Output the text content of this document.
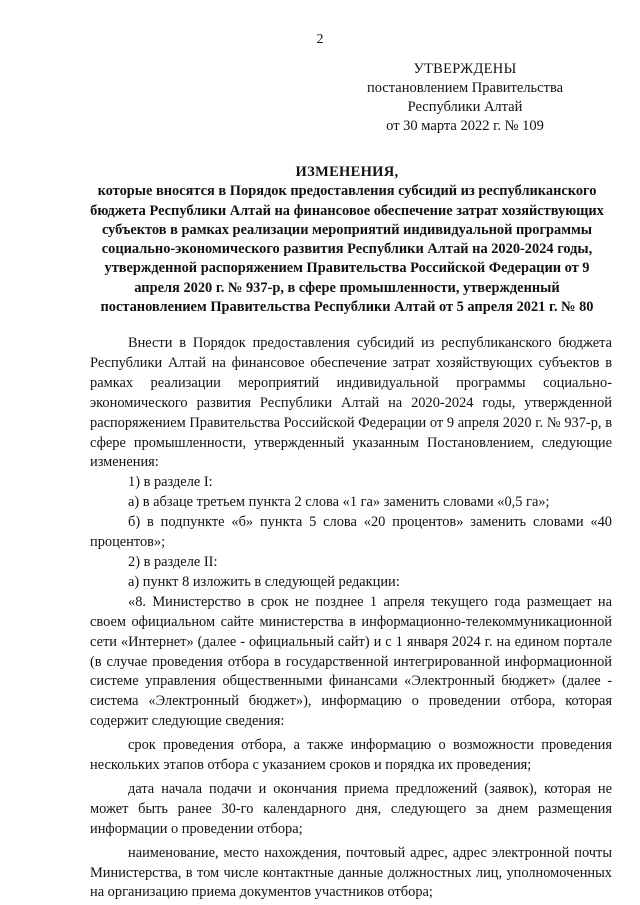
2
УТВЕРЖДЕНЫ
постановлением Правительства
Республики Алтай
от 30 марта 2022 г. № 109
ИЗМЕНЕНИЯ,
которые вносятся в Порядок предоставления субсидий из республиканского бюджета Республики Алтай на финансовое обеспечение затрат хозяйствующих субъектов в рамках реализации мероприятий индивидуальной программы социально-экономического развития Республики Алтай на 2020-2024 годы, утвержденной распоряжением Правительства Российской Федерации от 9 апреля 2020 г. № 937-р, в сфере промышленности, утвержденный постановлением Правительства Республики Алтай от 5 апреля 2021 г. № 80

Внести в Порядок предоставления субсидий из республиканского бюджета Республики Алтай на финансовое обеспечение затрат хозяйствующих субъектов в рамках реализации мероприятий индивидуальной программы социально-экономического развития Республики Алтай на 2020-2024 годы, утвержденной распоряжением Правительства Российской Федерации от 9 апреля 2020 г. № 937-р, в сфере промышленности, утвержденный указанным Постановлением, следующие изменения:

1) в разделе I:

а) в абзаце третьем пункта 2 слова «1 га» заменить словами «0,5 га»;

б) в подпункте «б» пункта 5 слова «20 процентов» заменить словами «40 процентов»;

2) в разделе II:

а) пункт 8 изложить в следующей редакции:

«8. Министерство в срок не позднее 1 апреля текущего года размещает на своем официальном сайте министерства в информационно-телекоммуникационной сети «Интернет» (далее - официальный сайт) и с 1 января 2024 г. на едином портале (в случае проведения отбора в государственной интегрированной информационной системе управления общественными финансами «Электронный бюджет» (далее - система «Электронный бюджет»), информацию о проведении отбора, которая содержит следующие сведения:

срок проведения отбора, а также информацию о возможности проведения нескольких этапов отбора с указанием сроков и порядка их проведения;

дата начала подачи и окончания приема предложений (заявок), которая не может быть ранее 30-го календарного дня, следующего за днем размещения информации о проведении отбора;

наименование, место нахождения, почтовый адрес, адрес электронной почты Министерства, в том числе контактные данные должностных лиц, уполномоченных на организацию приема документов участников отбора;
